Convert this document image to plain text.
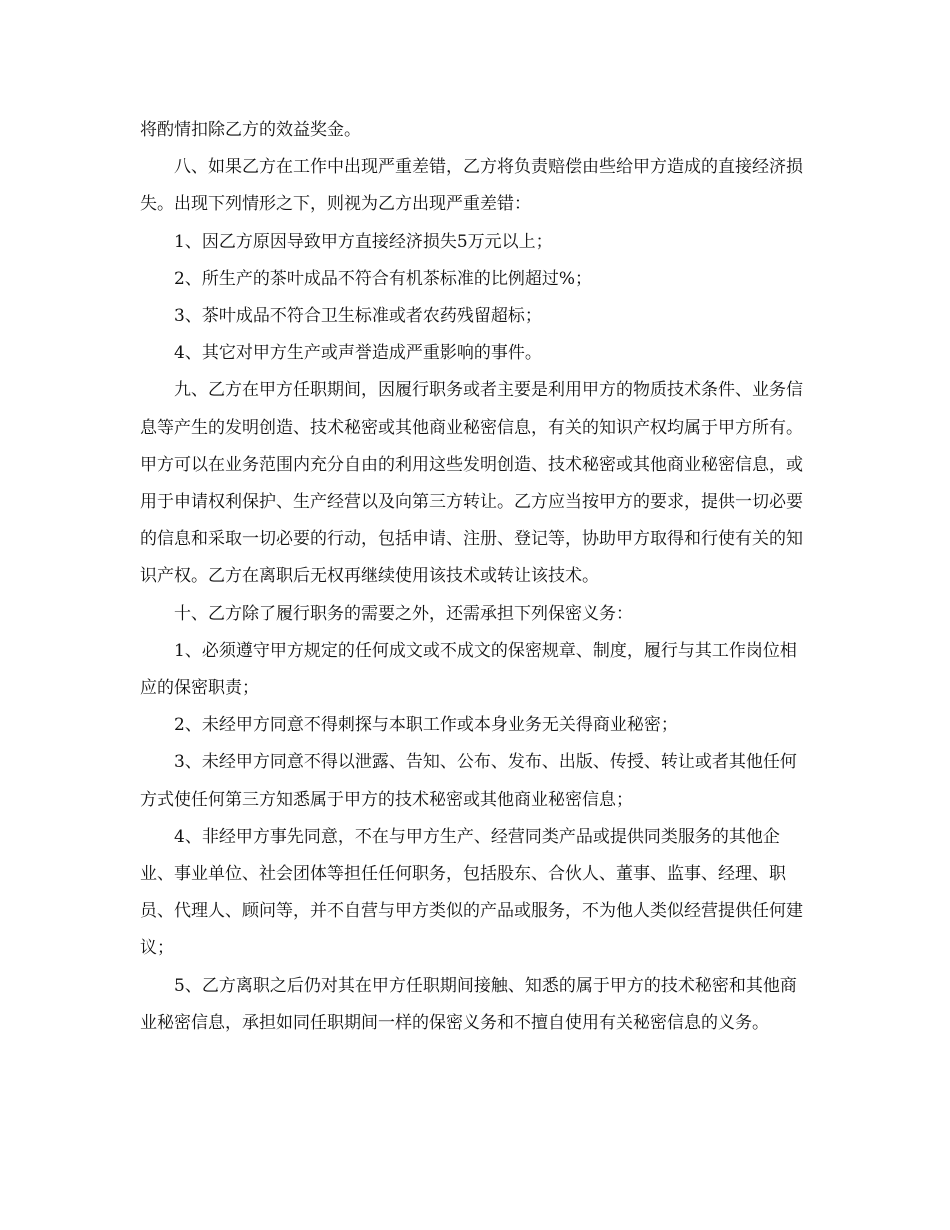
将酌情扣除乙方的效益奖金。

八、如果乙方在工作中出现严重差错，乙方将负责赔偿由些给甲方造成的直接经济损失。出现下列情形之下，则视为乙方出现严重差错：

1、因乙方原因导致甲方直接经济损失5万元以上；

2、所生产的茶叶成品不符合有机茶标准的比例超过%；

3、茶叶成品不符合卫生标准或者农药残留超标；

4、其它对甲方生产或声誉造成严重影响的事件。

九、乙方在甲方任职期间，因履行职务或者主要是利用甲方的物质技术条件、业务信息等产生的发明创造、技术秘密或其他商业秘密信息，有关的知识产权均属于甲方所有。甲方可以在业务范围内充分自由的利用这些发明创造、技术秘密或其他商业秘密信息，或用于申请权利保护、生产经营以及向第三方转让。乙方应当按甲方的要求，提供一切必要的信息和采取一切必要的行动，包括申请、注册、登记等，协助甲方取得和行使有关的知识产权。乙方在离职后无权再继续使用该技术或转让该技术。

十、乙方除了履行职务的需要之外，还需承担下列保密义务：

1、必须遵守甲方规定的任何成文或不成文的保密规章、制度，履行与其工作岗位相应的保密职责；

2、未经甲方同意不得刺探与本职工作或本身业务无关得商业秘密；

3、未经甲方同意不得以泄露、告知、公布、发布、出版、传授、转让或者其他任何方式使任何第三方知悉属于甲方的技术秘密或其他商业秘密信息；

4、非经甲方事先同意，不在与甲方生产、经营同类产品或提供同类服务的其他企业、事业单位、社会团体等担任任何职务，包括股东、合伙人、董事、监事、经理、职员、代理人、顾问等，并不自营与甲方类似的产品或服务，不为他人类似经营提供任何建议；

5、乙方离职之后仍对其在甲方任职期间接触、知悉的属于甲方的技术秘密和其他商业秘密信息，承担如同任职期间一样的保密义务和不擅自使用有关秘密信息的义务。
